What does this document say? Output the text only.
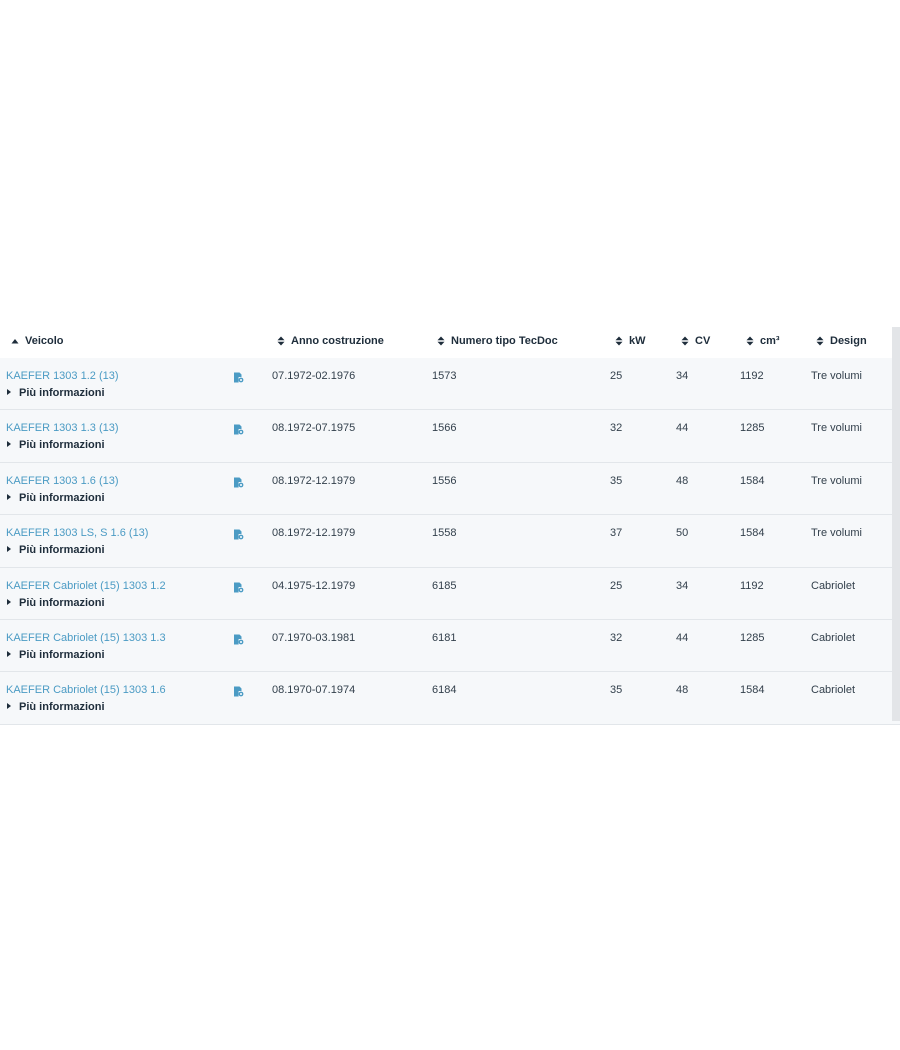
Veicolo	Anno costruzione	Numero tipo TecDoc	kW	CV	cm³	Design
KAEFER 1303 1.2 (13)	07.1972-02.1976	1573	25	34	1192	Tre volumi
Più informazioni
KAEFER 1303 1.3 (13)	08.1972-07.1975	1566	32	44	1285	Tre volumi
Più informazioni
KAEFER 1303 1.6 (13)	08.1972-12.1979	1556	35	48	1584	Tre volumi
Più informazioni
KAEFER 1303 LS, S 1.6 (13)	08.1972-12.1979	1558	37	50	1584	Tre volumi
Più informazioni
KAEFER Cabriolet (15) 1303 1.2	04.1975-12.1979	6185	25	34	1192	Cabriolet
Più informazioni
KAEFER Cabriolet (15) 1303 1.3	07.1970-03.1981	6181	32	44	1285	Cabriolet
Più informazioni
KAEFER Cabriolet (15) 1303 1.6	08.1970-07.1974	6184	35	48	1584	Cabriolet
Più informazioni
